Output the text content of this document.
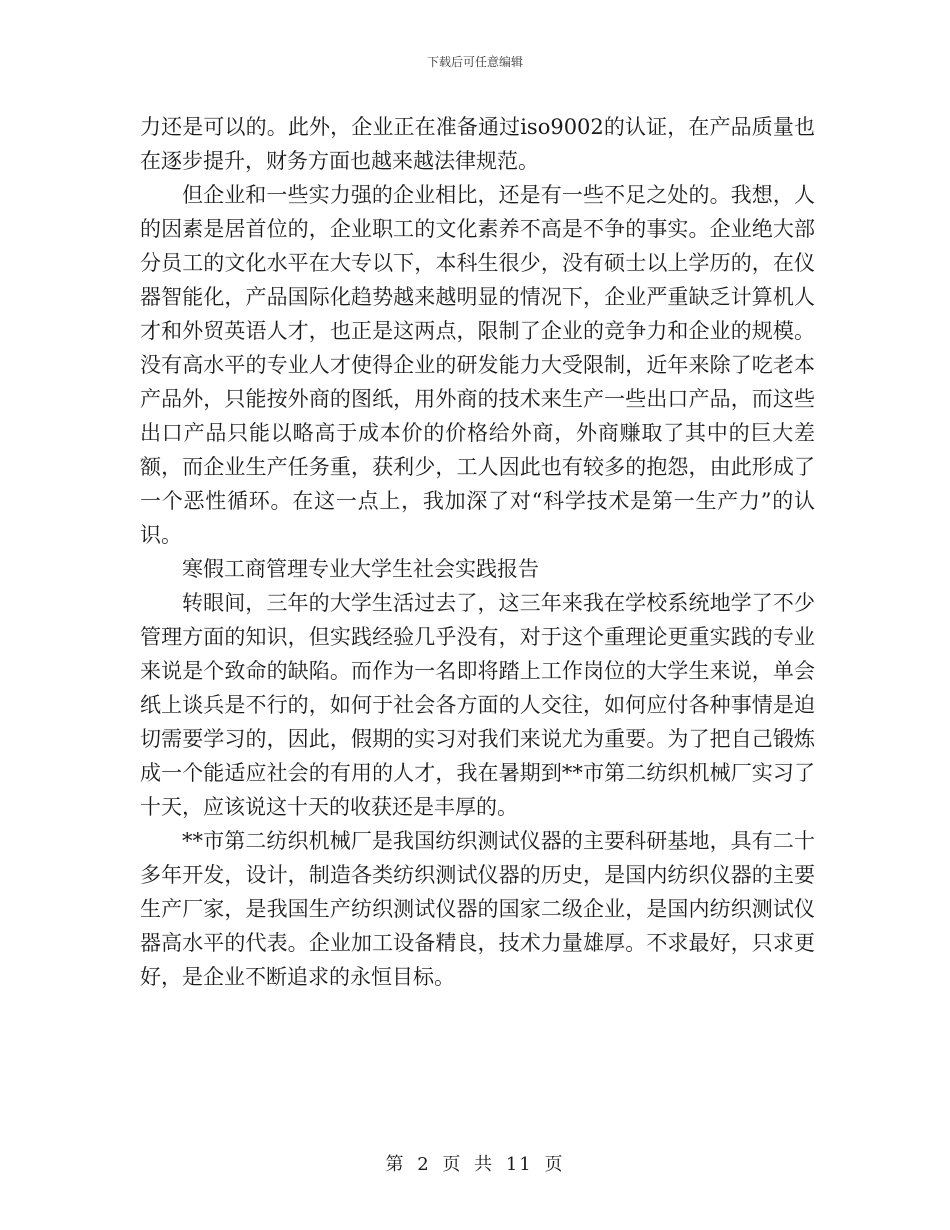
下载后可任意编辑

力还是可以的。此外，企业正在准备通过iso9002的认证，在产品质量也在逐步提升，财务方面也越来越法律规范。

但企业和一些实力强的企业相比，还是有一些不足之处的。我想，人的因素是居首位的，企业职工的文化素养不高是不争的事实。企业绝大部分员工的文化水平在大专以下，本科生很少，没有硕士以上学历的，在仪器智能化，产品国际化趋势越来越明显的情况下，企业严重缺乏计算机人才和外贸英语人才，也正是这两点，限制了企业的竞争力和企业的规模。没有高水平的专业人才使得企业的研发能力大受限制，近年来除了吃老本产品外，只能按外商的图纸，用外商的技术来生产一些出口产品，而这些出口产品只能以略高于成本价的价格给外商，外商赚取了其中的巨大差额，而企业生产任务重，获利少，工人因此也有较多的抱怨，由此形成了一个恶性循环。在这一点上，我加深了对“科学技术是第一生产力”的认识。

寒假工商管理专业大学生社会实践报告

转眼间，三年的大学生活过去了，这三年来我在学校系统地学了不少管理方面的知识，但实践经验几乎没有，对于这个重理论更重实践的专业来说是个致命的缺陷。而作为一名即将踏上工作岗位的大学生来说，单会纸上谈兵是不行的，如何于社会各方面的人交往，如何应付各种事情是迫切需要学习的，因此，假期的实习对我们来说尤为重要。为了把自己锻炼成一个能适应社会的有用的人才，我在暑期到**市第二纺织机械厂实习了十天，应该说这十天的收获还是丰厚的。

**市第二纺织机械厂是我国纺织测试仪器的主要科研基地，具有二十多年开发，设计，制造各类纺织测试仪器的历史，是国内纺织仪器的主要生产厂家，是我国生产纺织测试仪器的国家二级企业，是国内纺织测试仪器高水平的代表。企业加工设备精良，技术力量雄厚。不求最好，只求更好，是企业不断追求的永恒目标。

第 2 页 共 11 页
